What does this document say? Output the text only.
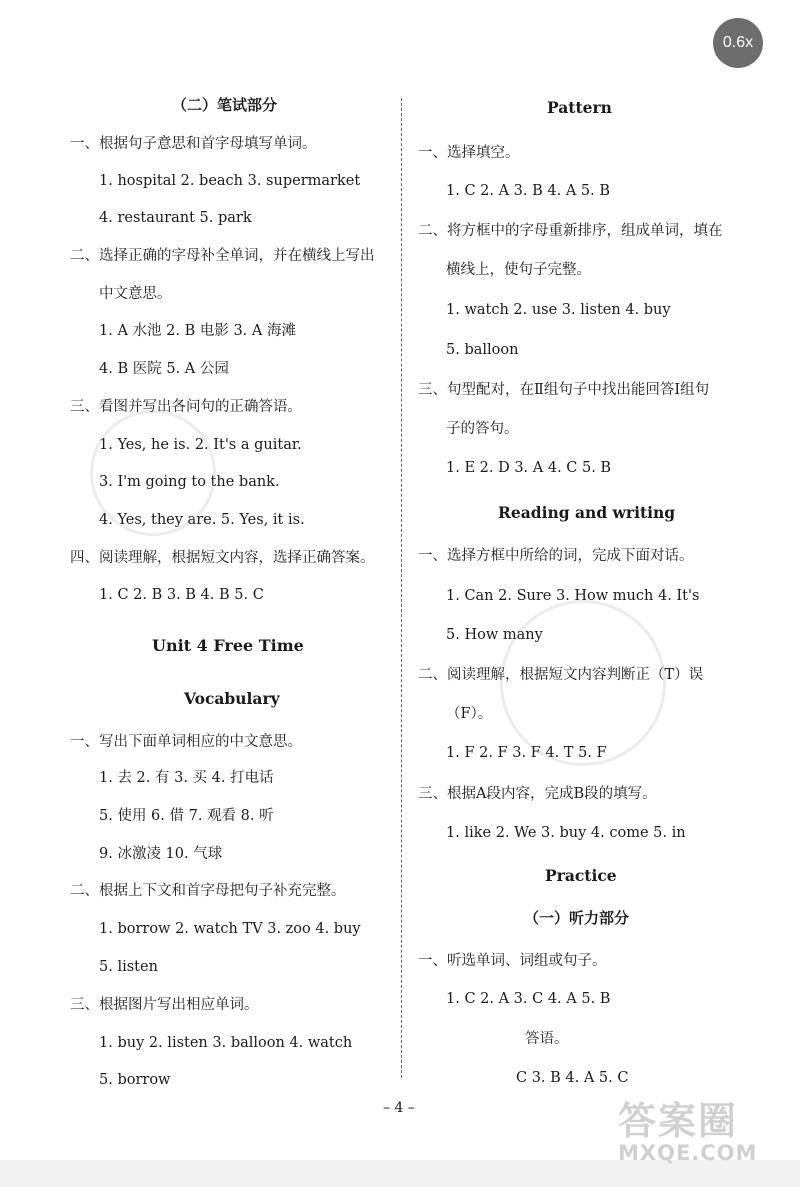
0.6x
（二）笔试部分
一、根据句子意思和首字母填写单词。
1. hospital 2. beach 3. supermarket
4. restaurant 5. park
二、选择正确的字母补全单词，并在横线上写出
中文意思。
1. A 水池 2. B 电影 3. A 海滩
4. B 医院 5. A 公园
三、看图并写出各问句的正确答语。
1. Yes, he is. 2. It's a guitar.
3. I'm going to the bank.
4. Yes, they are. 5. Yes, it is.
四、阅读理解，根据短文内容，选择正确答案。
1. C 2. B 3. B 4. B 5. C
Unit 4 Free Time
Vocabulary
一、写出下面单词相应的中文意思。
1. 去 2. 有 3. 买 4. 打电话
5. 使用 6. 借 7. 观看 8. 听
9. 冰激凌 10. 气球
二、根据上下文和首字母把句子补充完整。
1. borrow 2. watch TV 3. zoo 4. buy
5. listen
三、根据图片写出相应单词。
1. buy 2. listen 3. balloon 4. watch
5. borrow
Pattern
一、选择填空。
1. C 2. A 3. B 4. A 5. B
二、将方框中的字母重新排序，组成单词，填在
横线上，使句子完整。
1. watch 2. use 3. listen 4. buy
5. balloon
三、句型配对，在Ⅱ组句子中找出能回答Ⅰ组句
子的答句。
1. E 2. D 3. A 4. C 5. B
Reading and writing
一、选择方框中所给的词，完成下面对话。
1. Can 2. Sure 3. How much 4. It's
5. How many
二、阅读理解，根据短文内容判断正（T）误
（F）。
1. F 2. F 3. F 4. T 5. F
三、根据A段内容，完成B段的填写。
1. like 2. We 3. buy 4. come 5. in
Practice
（一）听力部分
一、听选单词、词组或句子。
1. C 2. A 3. C 4. A 5. B
答语。
C 3. B 4. A 5. C
– 4 –	答案圈
MXQE.COM
